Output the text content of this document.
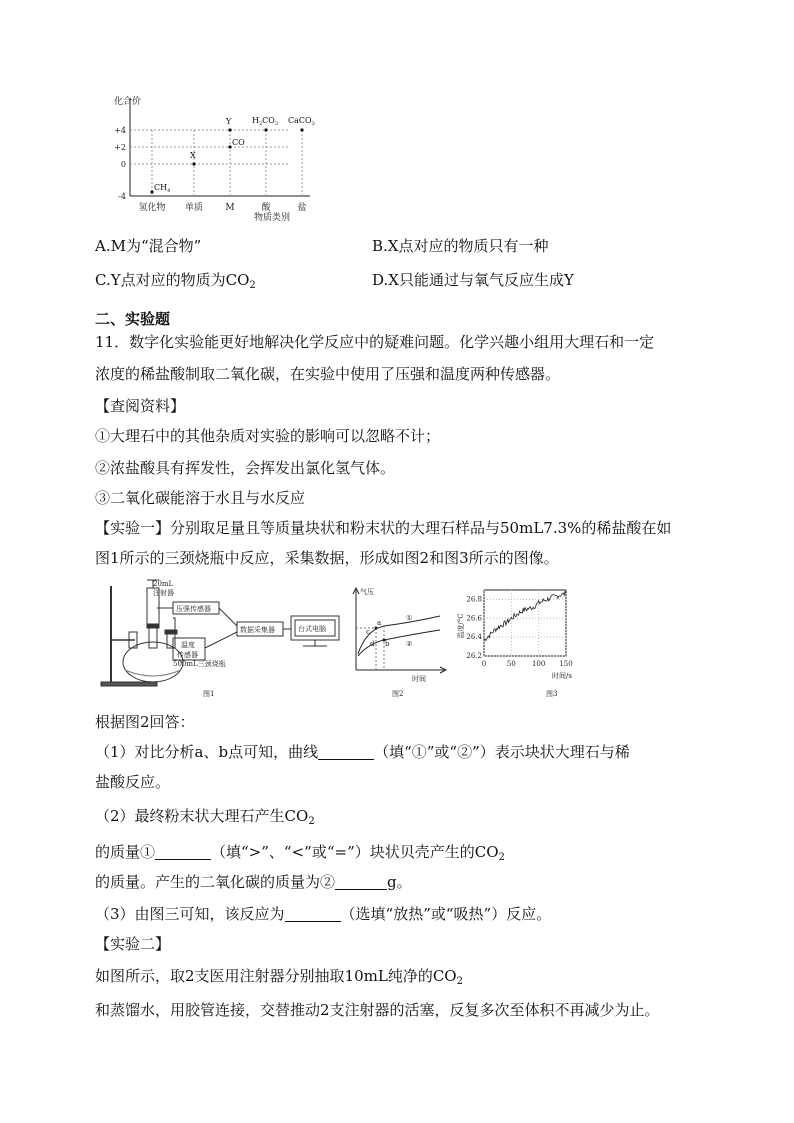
化合价
物质类别
+4
+2
0
-4
氢化物 单质 M	酸	盐
$CH_4$
X
CO
Y	$H_2CO_3$ CaCO$_3$
A.M为“混合物”	B.X点对应的物质只有一种
C.Y点对应的物质为$CO_2$	D.X只能通过与氧气反应生成Y
二、实验题
11．数字化实验能更好地解决化学反应中的疑难问题。化学兴趣小组用大理石和一定
浓度的稀盐酸制取二氧化碳，在实验中使用了压强和温度两种传感器。
【查阅资料】
①大理石中的其他杂质对实验的影响可以忽略不计；
②浓盐酸具有挥发性，会挥发出氯化氢气体。
③二氧化碳能溶于水且与水反应
【实验一】分别取足量且等质量块状和粉末状的大理石样品与50mL7.3%的稀盐酸在如
图1所示的三颈烧瓶中反应，采集数据，形成如图2和图3所示的图像。
20mL
注射器
压强传感器
温度
传感器
数据采集器	台式电脑
500mL三颈烧瓶
图1
气压
时间
a
b
c
d
①
②
图2
0	50 100 150
26.2
26.4
26.6
26.8
温度/°C
时间/s
图3
根据图2回答：
（1）对比分析a、b点可知，曲线	（填“①”或“②”）表示块状大理石与稀
盐酸反应。
（2）最终粉末状大理石产生$CO_2$
的质量①	（填“>”、“<”或“=”）块状贝壳产生的$CO_2$
的质量。产生的二氧化碳的质量为②	g。
（3）由图三可知，该反应为	（选填“放热”或“吸热”）反应。
【实验二】
如图所示，取2支医用注射器分别抽取10mL纯净的$CO_2$
和蒸馏水，用胶管连接，交替推动2支注射器的活塞，反复多次至体积不再减少为止。
